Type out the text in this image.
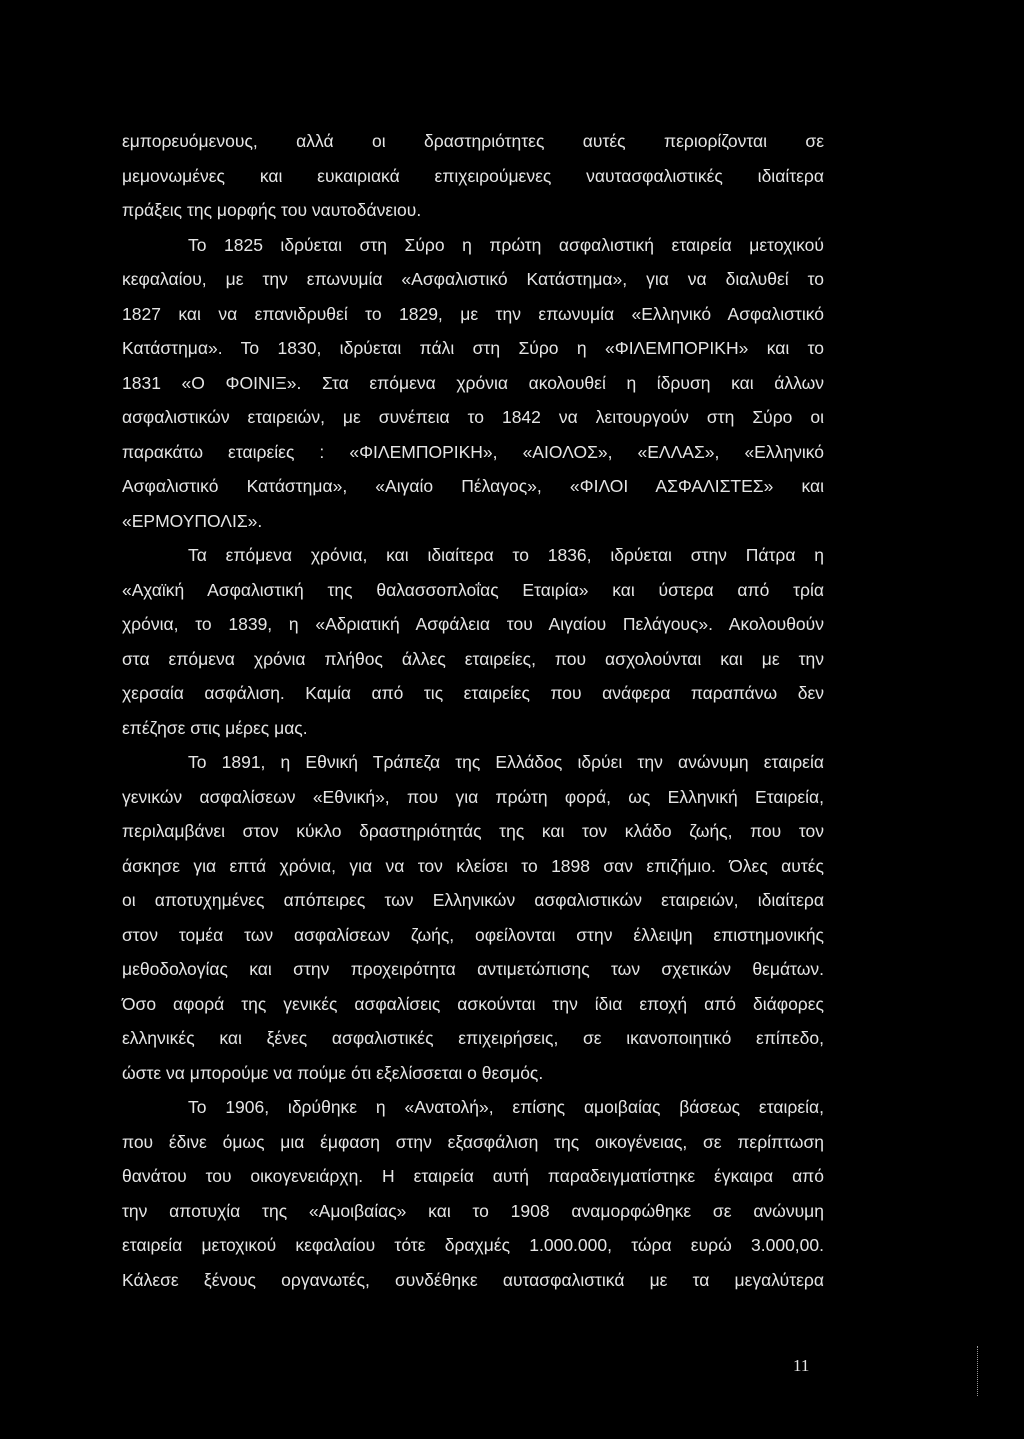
εμπορευόμενους, αλλά οι δραστηριότητες αυτές περιορίζονται σε
μεμονωμένες και ευκαιριακά επιχειρούμενες ναυτασφαλιστικές ιδιαίτερα
πράξεις της μορφής του ναυτοδάνειου.
Το 1825 ιδρύεται στη Σύρο η πρώτη ασφαλιστική εταιρεία μετοχικού
κεφαλαίου, με την επωνυμία «Ασφαλιστικό Κατάστημα», για να διαλυθεί το
1827 και να επανιδρυθεί το 1829, με την επωνυμία «Ελληνικό Ασφαλιστικό
Κατάστημα». Το 1830, ιδρύεται πάλι στη Σύρο η «ΦΙΛΕΜΠΟΡΙΚΗ» και το
1831 «Ο ΦΟΙΝΙΞ». Στα επόμενα χρόνια ακολουθεί η ίδρυση και άλλων
ασφαλιστικών εταιρειών, με συνέπεια το 1842 να λειτουργούν στη Σύρο οι
παρακάτω εταιρείες : «ΦΙΛΕΜΠΟΡΙΚΗ», «ΑΙΟΛΟΣ», «ΕΛΛΑΣ», «Ελληνικό
Ασφαλιστικό Κατάστημα», «Αιγαίο Πέλαγος», «ΦΙΛΟΙ ΑΣΦΑΛΙΣΤΕΣ» και
«ΕΡΜΟΥΠΟΛΙΣ».
Τα επόμενα χρόνια, και ιδιαίτερα το 1836, ιδρύεται στην Πάτρα η
«Αχαϊκή Ασφαλιστική της θαλασσοπλοΐας Εταιρία» και ύστερα από τρία
χρόνια, το 1839, η «Αδριατική Ασφάλεια του Αιγαίου Πελάγους». Ακολουθούν
στα επόμενα χρόνια πλήθος άλλες εταιρείες, που ασχολούνται και με την
χερσαία ασφάλιση. Καμία από τις εταιρείες που ανάφερα παραπάνω δεν
επέζησε στις μέρες μας.
Το 1891, η Εθνική Τράπεζα της Ελλάδος ιδρύει την ανώνυμη εταιρεία
γενικών ασφαλίσεων «Εθνική», που για πρώτη φορά, ως Ελληνική Εταιρεία,
περιλαμβάνει στον κύκλο δραστηριότητάς της και τον κλάδο ζωής, που τον
άσκησε για επτά χρόνια, για να τον κλείσει το 1898 σαν επιζήμιο. Όλες αυτές
οι αποτυχημένες απόπειρες των Ελληνικών ασφαλιστικών εταιρειών, ιδιαίτερα
στον τομέα των ασφαλίσεων ζωής, οφείλονται στην έλλειψη επιστημονικής
μεθοδολογίας και στην προχειρότητα αντιμετώπισης των σχετικών θεμάτων.
Όσο αφορά της γενικές ασφαλίσεις ασκούνται την ίδια εποχή από διάφορες
ελληνικές και ξένες ασφαλιστικές επιχειρήσεις, σε ικανοποιητικό επίπεδο,
ώστε να μπορούμε να πούμε ότι εξελίσσεται ο θεσμός.
Το 1906, ιδρύθηκε η «Ανατολή», επίσης αμοιβαίας βάσεως εταιρεία,
που έδινε όμως μια έμφαση στην εξασφάλιση της οικογένειας, σε περίπτωση
θανάτου του οικογενειάρχη. Η εταιρεία αυτή παραδειγματίστηκε έγκαιρα από
την αποτυχία της «Αμοιβαίας» και το 1908 αναμορφώθηκε σε ανώνυμη
εταιρεία μετοχικού κεφαλαίου τότε δραχμές 1.000.000, τώρα ευρώ 3.000,00.
Κάλεσε ξένους οργανωτές, συνδέθηκε αυτασφαλιστικά με τα μεγαλύτερα
11
